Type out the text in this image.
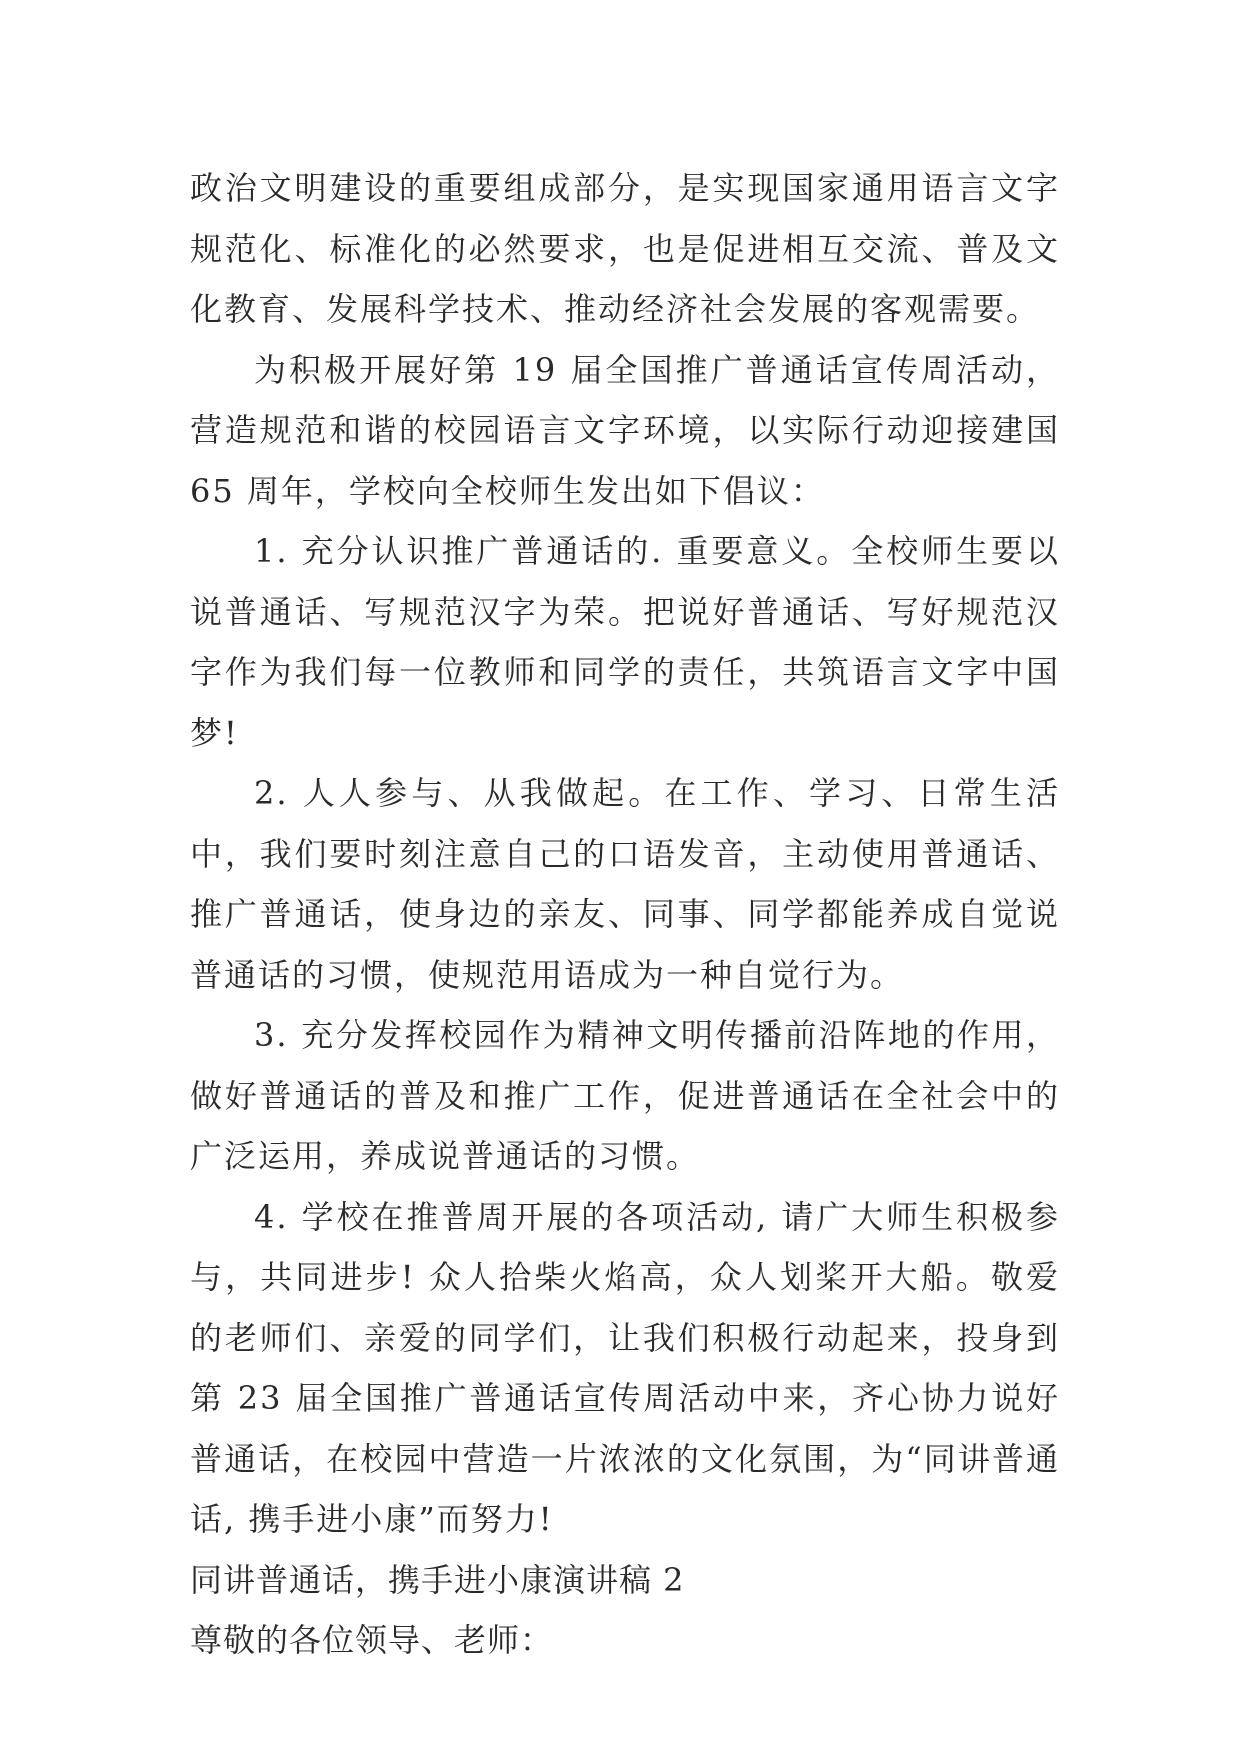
政治文明建设的重要组成部分，是实现国家通用语言文字规范化、标准化的必然要求，也是促进相互交流、普及文化教育、发展科学技术、推动经济社会发展的客观需要。

为积极开展好第 19 届全国推广普通话宣传周活动，营造规范和谐的校园语言文字环境，以实际行动迎接建国 65 周年，学校向全校师生发出如下倡议：

1. 充分认识推广普通话的. 重要意义。全校师生要以说普通话、写规范汉字为荣。把说好普通话、写好规范汉字作为我们每一位教师和同学的责任，共筑语言文字中国梦!

2. 人人参与、从我做起。在工作、学习、日常生活中，我们要时刻注意自己的口语发音，主动使用普通话、推广普通话，使身边的亲友、同事、同学都能养成自觉说普通话的习惯，使规范用语成为一种自觉行为。

3. 充分发挥校园作为精神文明传播前沿阵地的作用，做好普通话的普及和推广工作，促进普通话在全社会中的广泛运用，养成说普通话的习惯。

4. 学校在推普周开展的各项活动, 请广大师生积极参与，共同进步! 众人拾柴火焰高，众人划桨开大船。敬爱的老师们、亲爱的同学们，让我们积极行动起来，投身到第 23 届全国推广普通话宣传周活动中来，齐心协力说好普通话，在校园中营造一片浓浓的文化氛围，为“同讲普通话, 携手进小康”而努力!

同讲普通话，携手进小康演讲稿 2

尊敬的各位领导、老师：
